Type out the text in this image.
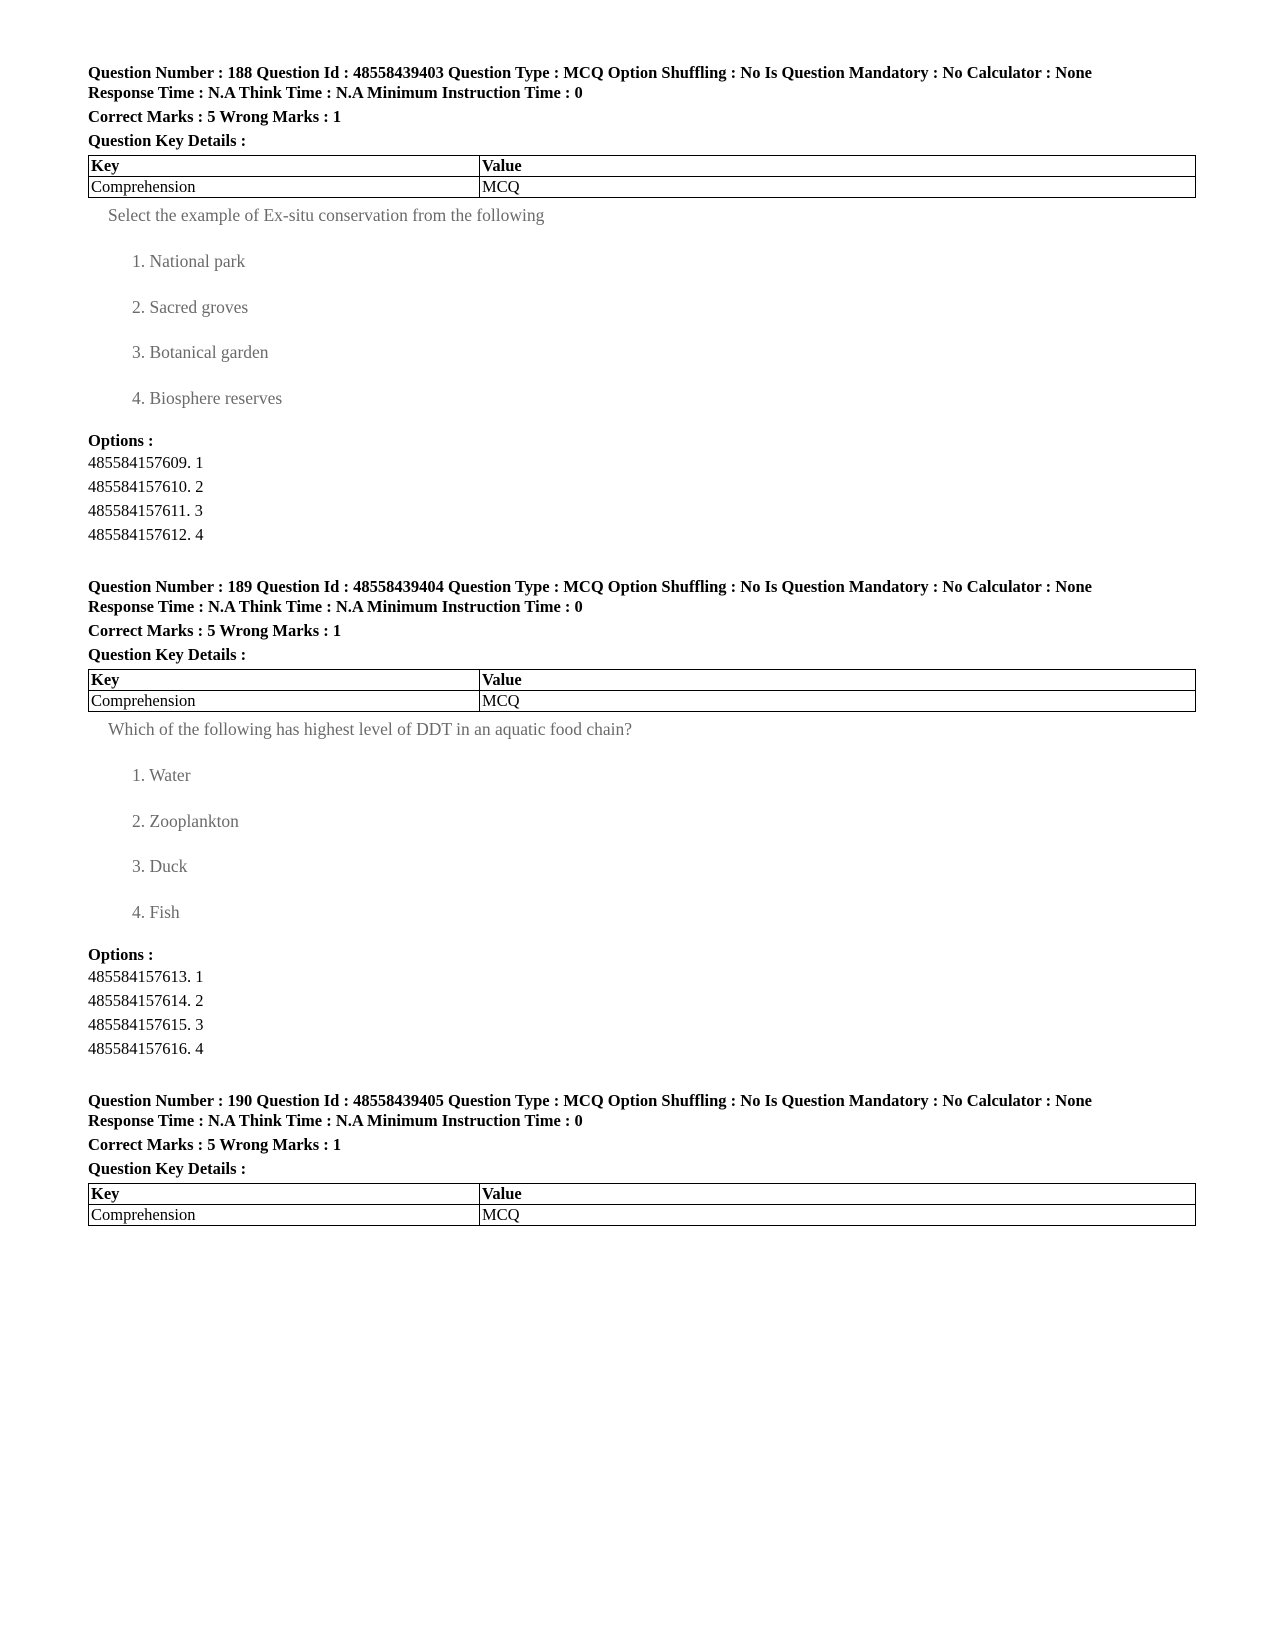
Question Number : 188 Question Id : 48558439403 Question Type : MCQ Option Shuffling : No Is Question Mandatory : No Calculator : None
Response Time : N.A Think Time : N.A Minimum Instruction Time : 0
Correct Marks : 5 Wrong Marks : 1
Question Key Details :
Key	Value
Comprehension	MCQ
Select the example of Ex-situ conservation from the following
1. National park
2. Sacred groves
3. Botanical garden
4. Biosphere reserves
Options :
485584157609. 1
485584157610. 2
485584157611. 3
485584157612. 4
Question Number : 189 Question Id : 48558439404 Question Type : MCQ Option Shuffling : No Is Question Mandatory : No Calculator : None
Response Time : N.A Think Time : N.A Minimum Instruction Time : 0
Correct Marks : 5 Wrong Marks : 1
Question Key Details :
Key	Value
Comprehension	MCQ
Which of the following has highest level of DDT in an aquatic food chain?
1. Water
2. Zooplankton
3. Duck
4. Fish
Options :
485584157613. 1
485584157614. 2
485584157615. 3
485584157616. 4
Question Number : 190 Question Id : 48558439405 Question Type : MCQ Option Shuffling : No Is Question Mandatory : No Calculator : None
Response Time : N.A Think Time : N.A Minimum Instruction Time : 0
Correct Marks : 5 Wrong Marks : 1
Question Key Details :
Key	Value
Comprehension	MCQ
